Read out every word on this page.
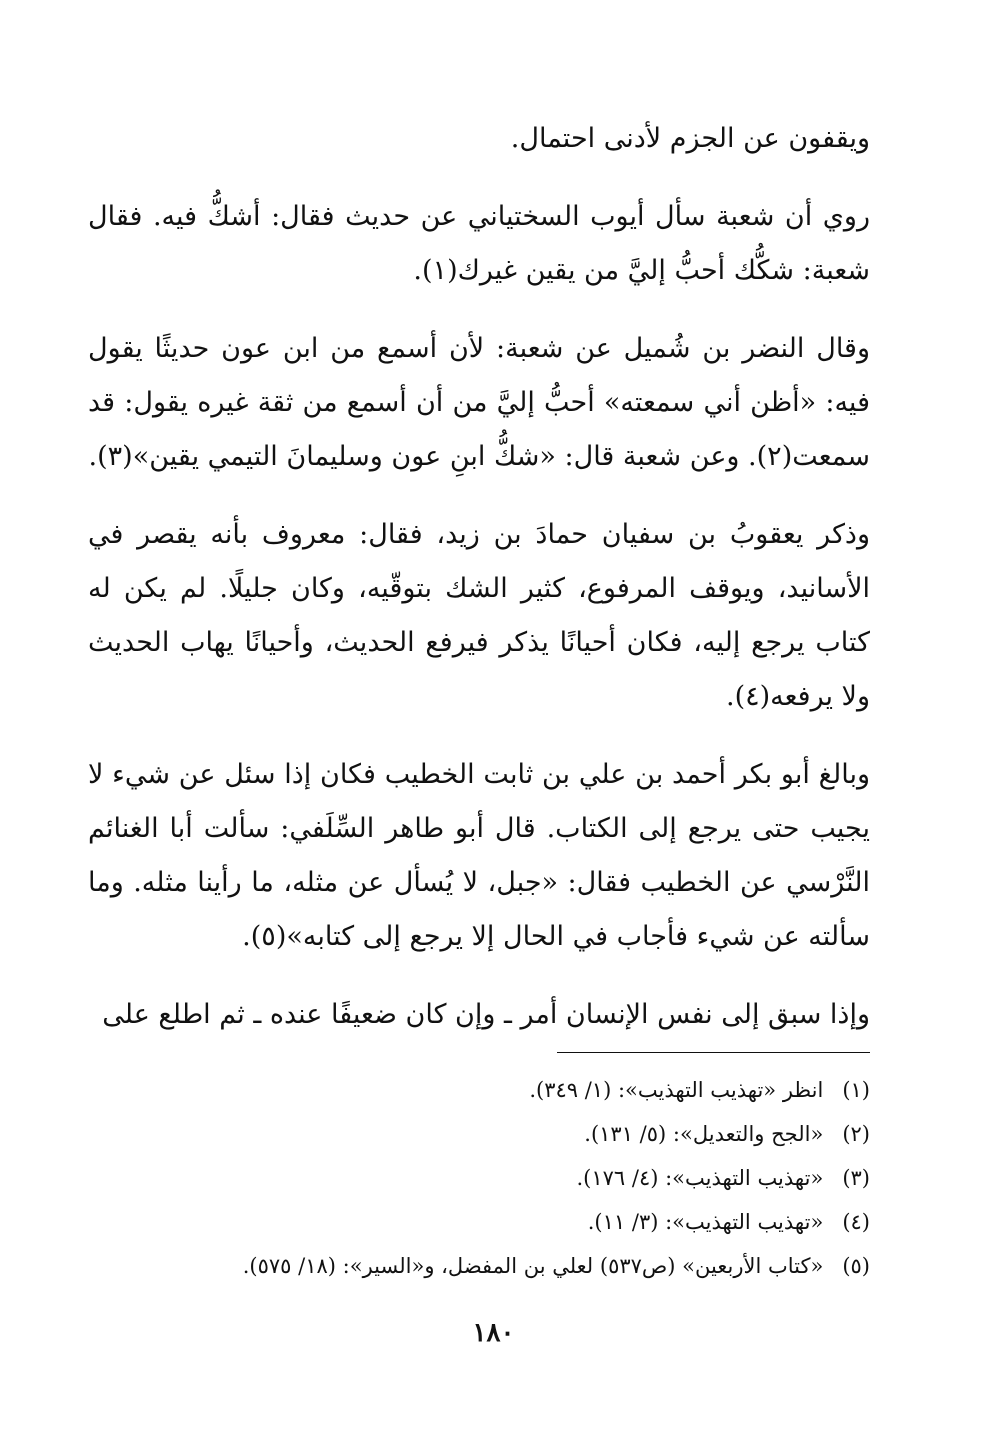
ويقفون عن الجزم لأدنى احتمال.

روي أن شعبة سأل أيوب السختياني عن حديث فقال: أشكُّ فيه. فقال شعبة: شكُّك أحبُّ إليَّ من يقين غيرك(١).

وقال النضر بن شُميل عن شعبة: لأن أسمع من ابن عون حديثًا يقول فيه: «أظن أني سمعته» أحبُّ إليَّ من أن أسمع من ثقة غيره يقول: قد سمعت(٢). وعن شعبة قال: «شكُّ ابنِ عون وسليمانَ التيمي يقين»(٣).

وذكر يعقوبُ بن سفيان حمادَ بن زيد، فقال: معروف بأنه يقصر في الأسانيد، ويوقف المرفوع، كثير الشك بتوقّيه، وكان جليلًا. لم يكن له كتاب يرجع إليه، فكان أحيانًا يذكر فيرفع الحديث، وأحيانًا يهاب الحديث ولا يرفعه(٤).

وبالغ أبو بكر أحمد بن علي بن ثابت الخطيب فكان إذا سئل عن شيء لا يجيب حتى يرجع إلى الكتاب. قال أبو طاهر السِّلَفي: سألت أبا الغنائم النَّرْسي عن الخطيب فقال: «جبل، لا يُسأل عن مثله، ما رأينا مثله. وما سألته عن شيء فأجاب في الحال إلا يرجع إلى كتابه»(٥).

وإذا سبق إلى نفس الإنسان أمر ـ وإن كان ضعيفًا عنده ـ ثم اطلع على

(١) انظر «تهذيب التهذيب»: (١/ ٣٤٩).
(٢) «الجح والتعديل»: (٥/ ١٣١).
(٣) «تهذيب التهذيب»: (٤/ ١٧٦).
(٤) «تهذيب التهذيب»: (٣/ ١١).
(٥) «كتاب الأربعين» (ص٥٣٧) لعلي بن المفضل، و«السير»: (١٨/ ٥٧٥).
١٨٠
